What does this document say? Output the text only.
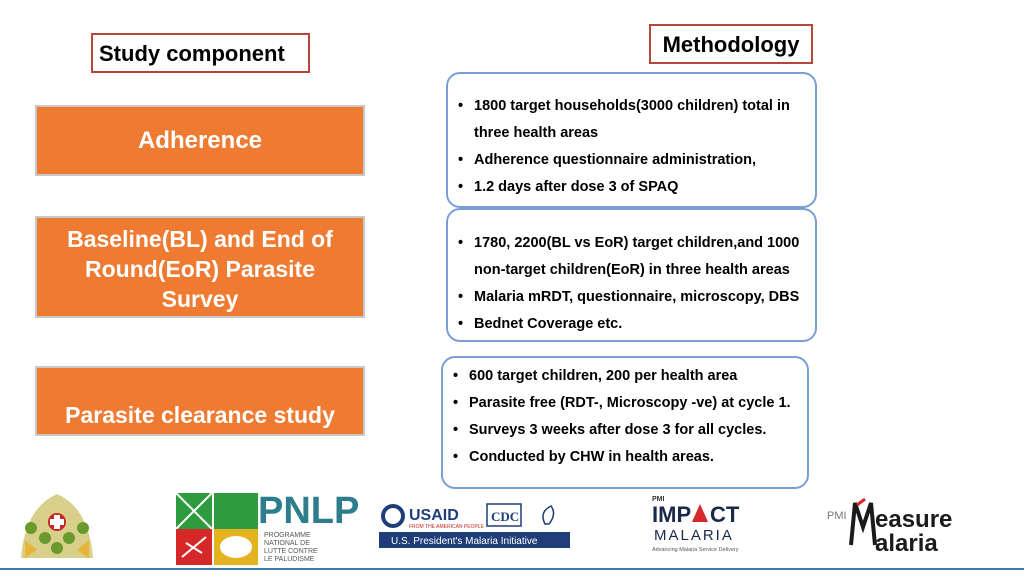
Study component	Methodology
Adherence
Baseline(BL) and End of Round(EoR) Parasite Survey
Parasite clearance study
• 1800 target households(3000 children) total in
three health areas
• Adherence questionnaire administration,
• 1.2 days after dose 3 of SPAQ
• 1780, 2200(BL vs EoR) target children,and 1000
non-target children(EoR) in three health areas
• Malaria mRDT, questionnaire, microscopy, DBS
• Bednet Coverage etc.
• 600 target children, 200 per health area
• Parasite free (RDT-, Microscopy -ve) at cycle 1.
• Surveys 3 weeks after dose 3 for all cycles.
• Conducted by CHW in health areas.
PNLP
PROGRAMME
NATIONAL DE
LUTTE CONTRE
LE PALUDISME
USAID
FROM THE AMERICAN PEOPLE
CDC
U.S. President's Malaria Initiative
PMI
IMP CT
MALARIA
Advancing Malaria Service Delivery
PMI easure
alaria
